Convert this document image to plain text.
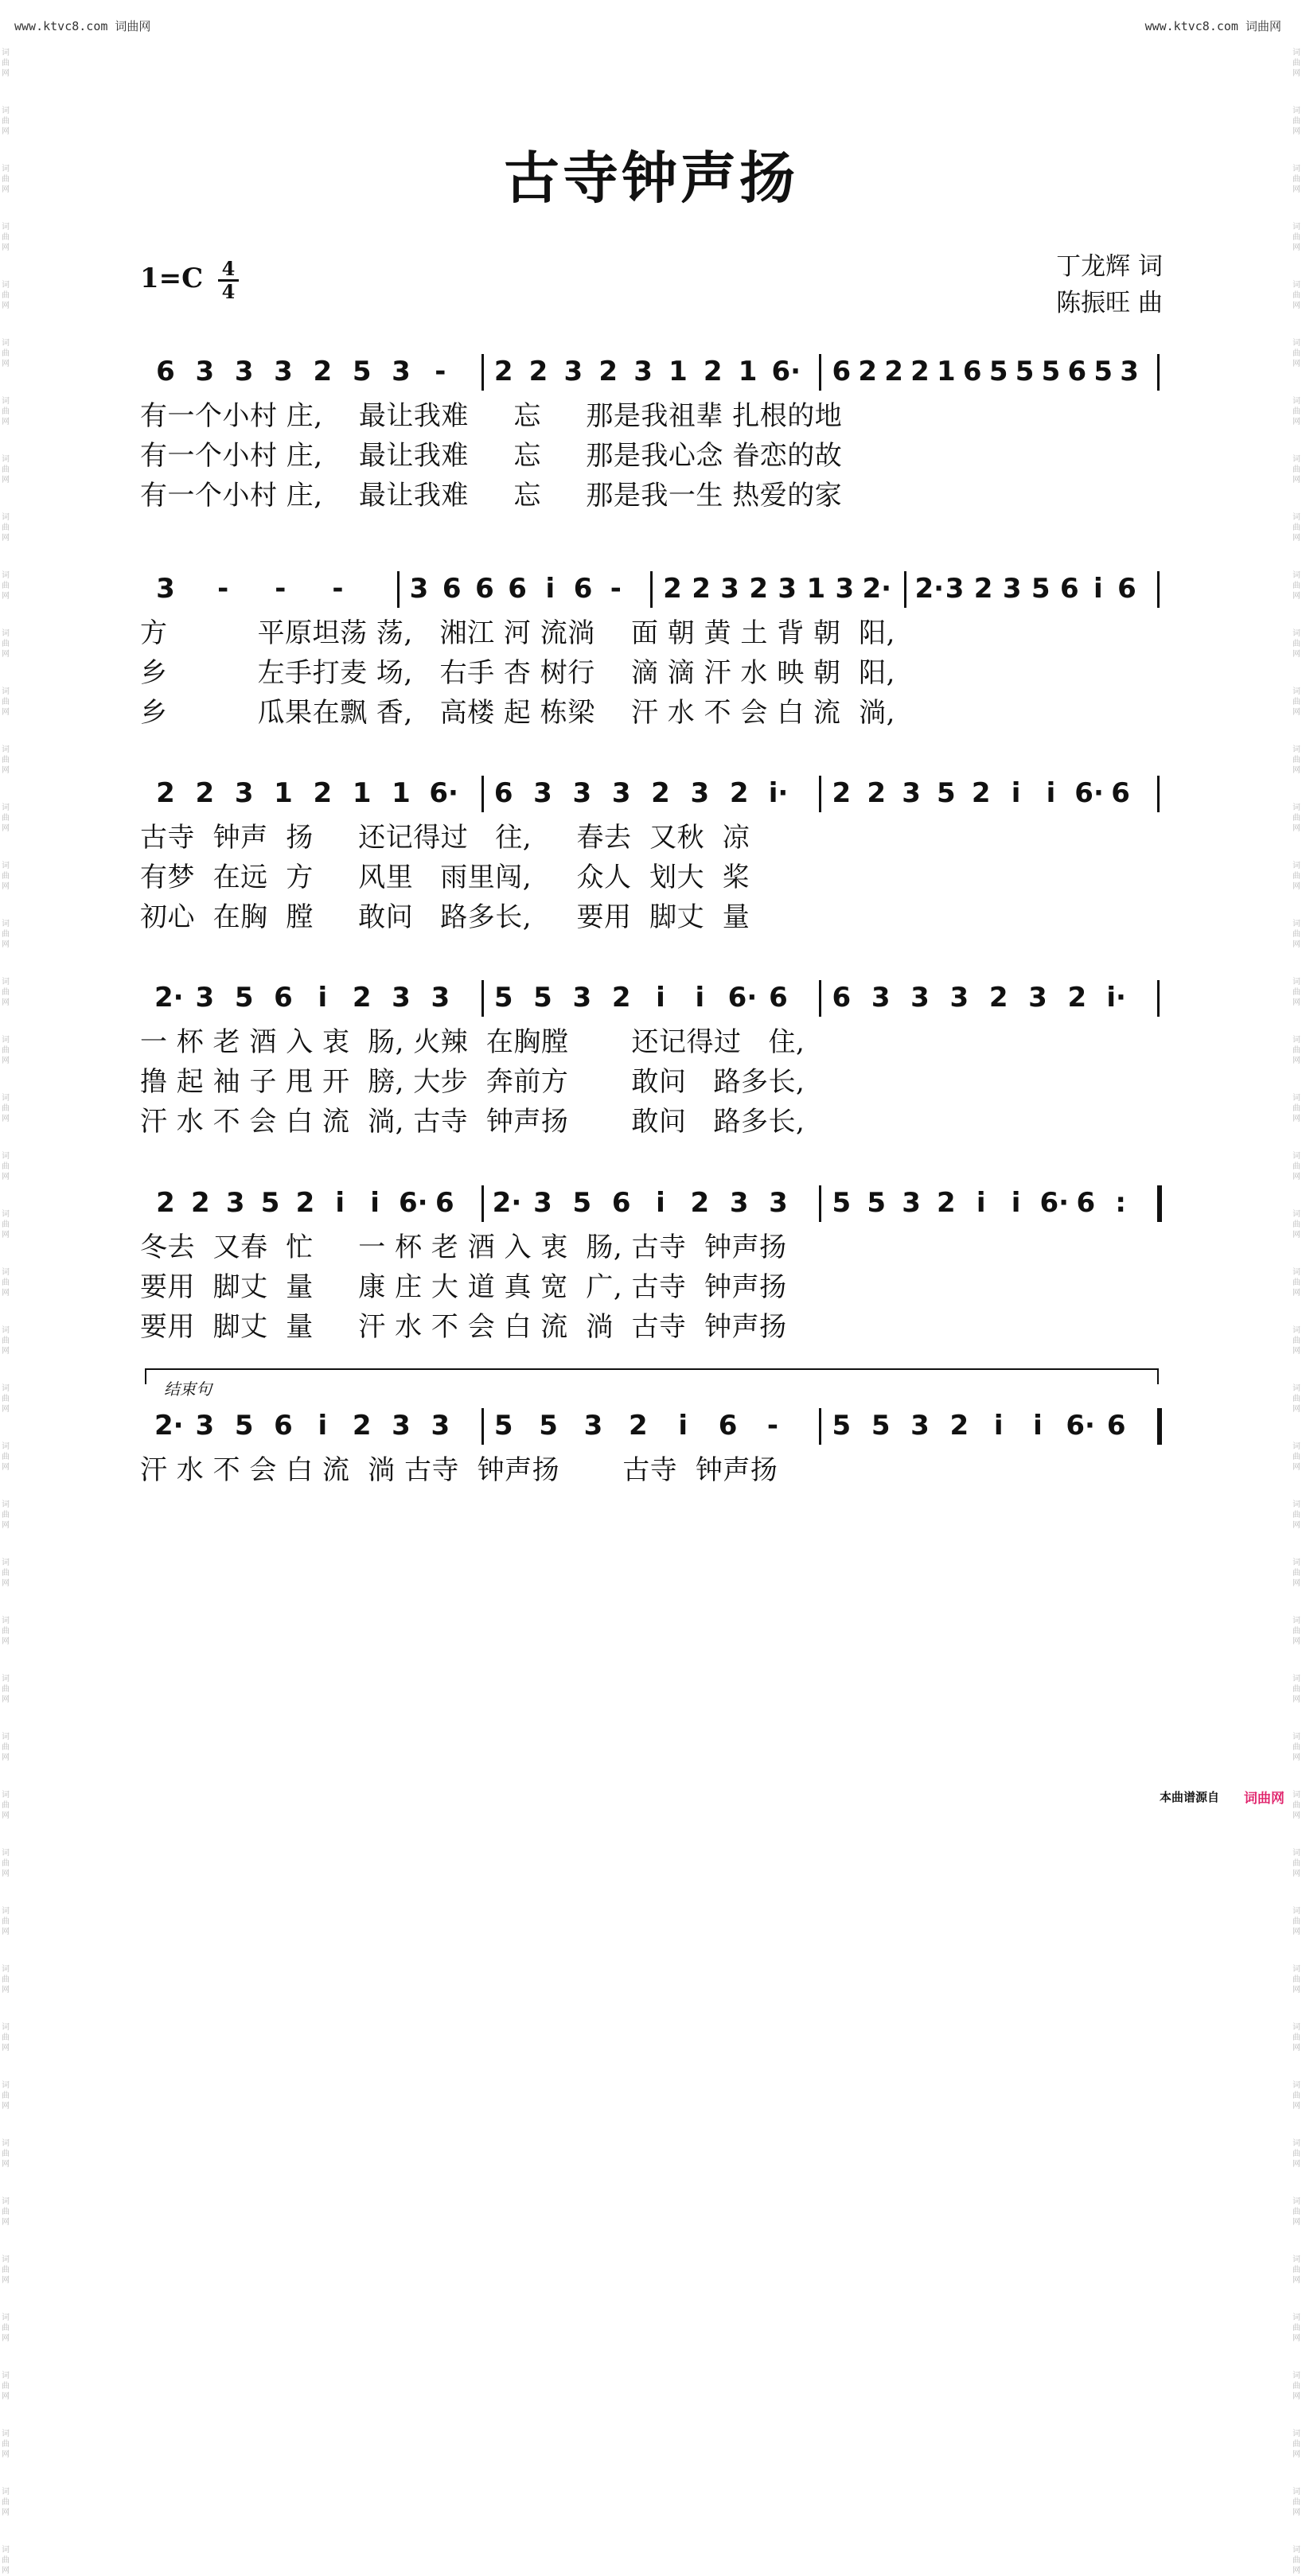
www.ktvc8.com 词曲网	www.ktvc8.com 词曲网
词曲网
词曲网
词曲网
词曲网
词曲网
词曲网
词曲网
词曲网
词曲网
词曲网
词曲网
词曲网
词曲网
词曲网
词曲网
词曲网
词曲网
词曲网
词曲网
词曲网
词曲网
词曲网
词曲网
词曲网
词曲网
词曲网
词曲网
词曲网
词曲网
词曲网
词曲网
词曲网
词曲网
词曲网
词曲网
词曲网
词曲网
词曲网
词曲网
词曲网
词曲网
词曲网
词曲网
词曲网
词曲网
词曲网
词曲网
词曲网
词曲网
词曲网
词曲网
词曲网
词曲网
词曲网
词曲网
词曲网
词曲网
词曲网
词曲网
词曲网
词曲网
词曲网
词曲网
词曲网
词曲网
词曲网
词曲网
词曲网
词曲网
词曲网
词曲网
词曲网
词曲网
词曲网
词曲网
词曲网
词曲网
词曲网
词曲网
词曲网
词曲网
词曲网
词曲网
词曲网
词曲网
词曲网
词曲网
词曲网
古寺钟声扬
1=C 4
4
丁龙辉 词
陈振旺 曲
6 3 3 3 2 5 3 - 2 2 3 2 3 1 2 1 6· 6 2 2 2 1 6 5 5 5 6 5 3
有一个小村 庄,    最让我难     忘     那是我祖辈 扎根的地
有一个小村 庄,    最让我难     忘     那是我心念 眷恋的故
有一个小村 庄,    最让我难     忘     那是我一生 热爱的家
3 - - - 3 6 6 6 i 6 - 2 2 3 2 3 1 3 2· 2· 3 2 3 5 6 i 6
方          平原坦荡 荡,   湘江 河 流淌    面 朝 黄 土 背 朝  阳,
乡          左手打麦 场,   右手 杏 树行    滴 滴 汗 水 映 朝  阳,
乡          瓜果在飘 香,   高楼 起 栋梁    汗 水 不 会 白 流  淌,
2 2 3 1 2 1 1 6· 6 3 3 3 2 3 2 i· 2 2 3 5 2 i i 6· 6
古寺  钟声  扬     还记得过   往,     春去  又秋  凉
有梦  在远  方     风里   雨里闯,     众人  划大  桨
初心  在胸  膛     敢问   路多长,     要用  脚丈  量
2· 3 5 6 i 2 3 3 5 5 3 2 i i 6· 6 6 3 3 3 2 3 2 i·
一 杯 老 酒 入 衷  肠, 火辣  在胸膛       还记得过   住,
撸 起 袖 子 甩 开  膀, 大步  奔前方       敢问   路多长,
汗 水 不 会 白 流  淌, 古寺  钟声扬       敢问   路多长,
2 2 3 5 2 i i 6· 6 2· 3 5 6 i 2 3 3 5 5 3 2 i i 6· 6 :
冬去  又春  忙     一 杯 老 酒 入 衷  肠, 古寺  钟声扬
要用  脚丈  量     康 庄 大 道 真 宽  广, 古寺  钟声扬
要用  脚丈  量     汗 水 不 会 白 流  淌  古寺  钟声扬
2· 3 5 6 i 2 3 3 5 5 3 2 i 6 - 5 5 3 2 i i 6· 6
汗 水 不 会 白 流  淌 古寺  钟声扬       古寺  钟声扬
结束句
本曲谱源自 词曲网
